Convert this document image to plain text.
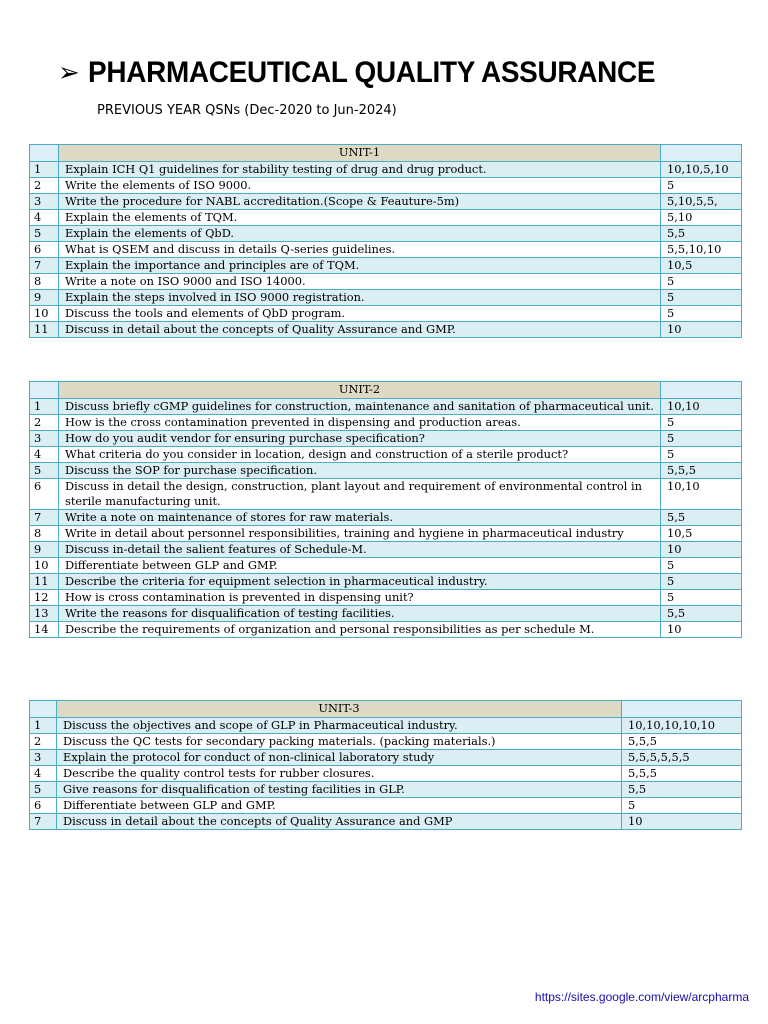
➢ PHARMACEUTICAL QUALITY ASSURANCE
PREVIOUS YEAR QSNs (Dec-2020 to Jun-2024)
	UNIT-1	
1	Explain ICH Q1 guidelines for stability testing of drug and drug product.	10,10,5,10
2	Write the elements of ISO 9000.	5
3	Write the procedure for NABL accreditation.(Scope & Feauture-5m)	5,10,5,5,
4	Explain the elements of TQM.	5,10
5	Explain the elements of QbD.	5,5
6	What is QSEM and discuss in details Q-series guidelines.	5,5,10,10
7	Explain the importance and principles are of TQM.	10,5
8	Write a note on ISO 9000 and ISO 14000.	5
9	Explain the steps involved in ISO 9000 registration.	5
10	Discuss the tools and elements of QbD program.	5
11	Discuss in detail about the concepts of Quality Assurance and GMP.	10
	UNIT-2	
1	Discuss briefly cGMP guidelines for construction, maintenance and sanitation of pharmaceutical unit.	10,10
2	How is the cross contamination prevented in dispensing and production areas.	5
3	How do you audit vendor for ensuring purchase specification?	5
4	What criteria do you consider in location, design and construction of a sterile product?	5
5	Discuss the SOP for purchase specification.	5,5,5
6	Discuss in detail the design, construction, plant layout and requirement of environmental control in sterile manufacturing unit.	10,10
7	Write a note on maintenance of stores for raw materials.	5,5
8	Write in detail about personnel responsibilities, training and hygiene in pharmaceutical industry	10,5
9	Discuss in-detail the salient features of Schedule-M.	10
10	Differentiate between GLP and GMP.	5
11	Describe the criteria for equipment selection in pharmaceutical industry.	5
12	How is cross contamination is prevented in dispensing unit?	5
13	Write the reasons for disqualification of testing facilities.	5,5
14	Describe the requirements of organization and personal responsibilities as per schedule M.	10
	UNIT-3	
1	Discuss the objectives and scope of GLP in Pharmaceutical industry.	10,10,10,10,10
2	Discuss the QC tests for secondary packing materials. (packing materials.)	5,5,5
3	Explain the protocol for conduct of non-clinical laboratory study	5,5,5,5,5,5
4	Describe the quality control tests for rubber closures.	5,5,5
5	Give reasons for disqualification of testing facilities in GLP.	5,5
6	Differentiate between GLP and GMP.	5
7	Discuss in detail about the concepts of Quality Assurance and GMP	10
https://sites.google.com/view/arcpharma
